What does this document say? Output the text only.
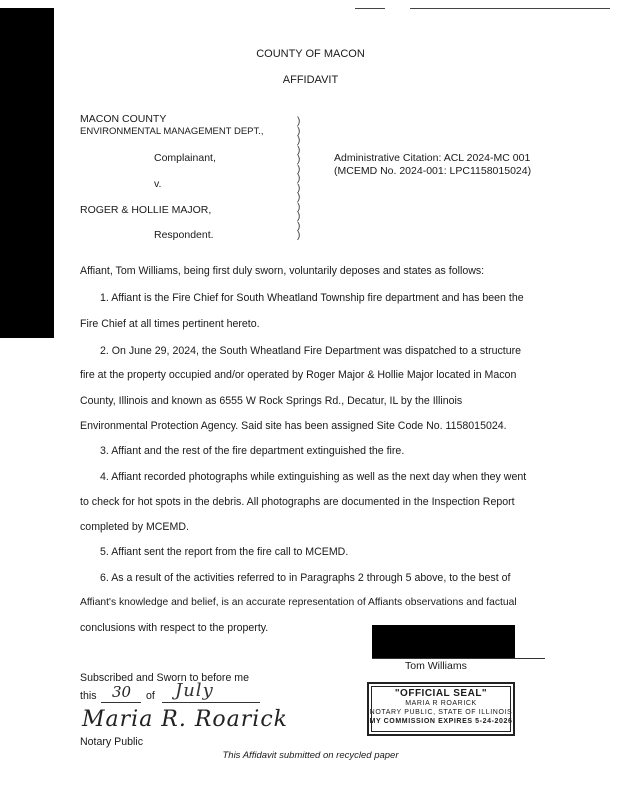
COUNTY OF MACON
AFFIDAVIT
MACON COUNTY
ENVIRONMENTAL MANAGEMENT DEPT.,
Complainant,
v.
ROGER & HOLLIE MAJOR,
Respondent.
)
)
)
)
)
)
)
)
)
)
)
)
)
Administrative Citation: ACL 2024-MC 001
(MCEMD No. 2024-001: LPC1158015024)
Affiant, Tom Williams, being first duly sworn, voluntarily deposes and states as follows:
1. Affiant is the Fire Chief for South Wheatland Township fire department and has been the
Fire Chief at all times pertinent hereto.
2. On June 29, 2024, the South Wheatland Fire Department was dispatched to a structure
fire at the property occupied and/or operated by Roger Major & Hollie Major located in Macon
County, Illinois and known as 6555 W Rock Springs Rd., Decatur, IL by the Illinois
Environmental Protection Agency. Said site has been assigned Site Code No. 1158015024.
3. Affiant and the rest of the fire department extinguished the fire.
4. Affiant recorded photographs while extinguishing as well as the next day when they went
to check for hot spots in the debris. All photographs are documented in the Inspection Report
completed by MCEMD.
5. Affiant sent the report from the fire call to MCEMD.
6. As a result of the activities referred to in Paragraphs 2 through 5 above, to the best of
Affiant's knowledge and belief, is an accurate representation of Affiants observations and factual
conclusions with respect to the property.
Tom Williams
Subscribed and Sworn to before me
this 30 of July
Maria R. Roarick
Notary Public
"OFFICIAL SEAL"
MARIA R ROARICK
NOTARY PUBLIC, STATE OF ILLINOIS
MY COMMISSION EXPIRES 5-24-2026
This Affidavit submitted on recycled paper
